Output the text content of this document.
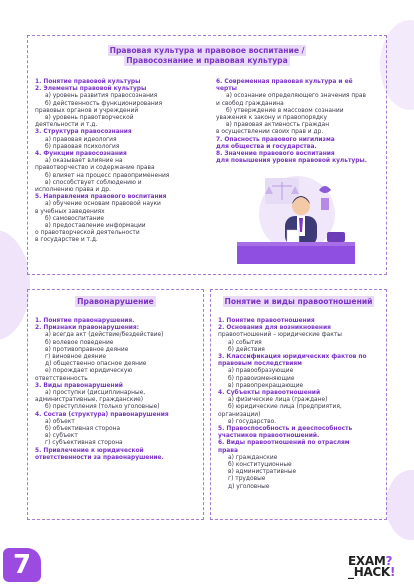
Правовая культура и правовое воспитание /
Правосознание и правовая культура
1. Понятие правовой культуры
2. Элементы правовой культуры
а) уровень развития правосознания
б) действенность функционирования
правовых органов и учреждений
в) уровень правотворческой
деятельности и т.д.
3. Структура правосознания
а) правовая идеология
б) правовая психология
4. Функции правосознания
а) оказывает влияние на
правотворчество и содержание права
б) влияет на процесс правоприменения
в) способствует соблюдению и
исполнению права и др.
5. Направления правового воспитания
а) обучение основам правовой науки
в учебных заведениях
б) самовоспитание
в) предоставление информации
о правотворческой деятельности
в государстве и т.д.
6. Современная правовая культура и её
черты
а) осознание определяющего значения прав
и свобод гражданина
б) утверждение в массовом сознании
уважения к закону и правопорядку
в) правовая активность граждан
в осуществлении своих прав и др.
7. Опасность правового нигилизма
для общества и государства.
8. Значение правового воспитания
для повышения уровня правовой культуры.
Правонарушение
1. Понятие правонарушения.
2. Признаки правонарушения:
а) всегда акт (действие/бездействие)
б) волевое поведение
в) противоправное деяние
г) виновное деяние
д) общественно опасное деяние
е) порождает юридическую
ответственность
3. Виды правонарушений
а) проступки (дисциплинарные,
административные, гражданские)
б) преступления (только уголовные)
4. Состав (структура) правонарушения
а) объект
б) объективная сторона
в) субъект
г) субъективная сторона
5. Привлечение к юридической
ответственности за правонарушение.
Понятие и виды правоотношений
1. Понятие правоотношения
2. Основания для возникновения
правоотношений – юридические факты
а) события
б) действия
3. Классификация юридических фактов по
правовым последствиям
а) правообразующие
б) правоизменяющие
в) правопрекращающие
4. Субъекты правоотношений
а) физические лица (граждане)
б) юридические лица (предприятия,
организации)
в) государство.
5. Правоспособность и дееспособность
участников правоотношений.
6. Виды правоотношений по отраслям
права
а) гражданские
б) конституционные
в) административные
г) трудовые
д) уголовные
7	EXAM?
_HACK!
